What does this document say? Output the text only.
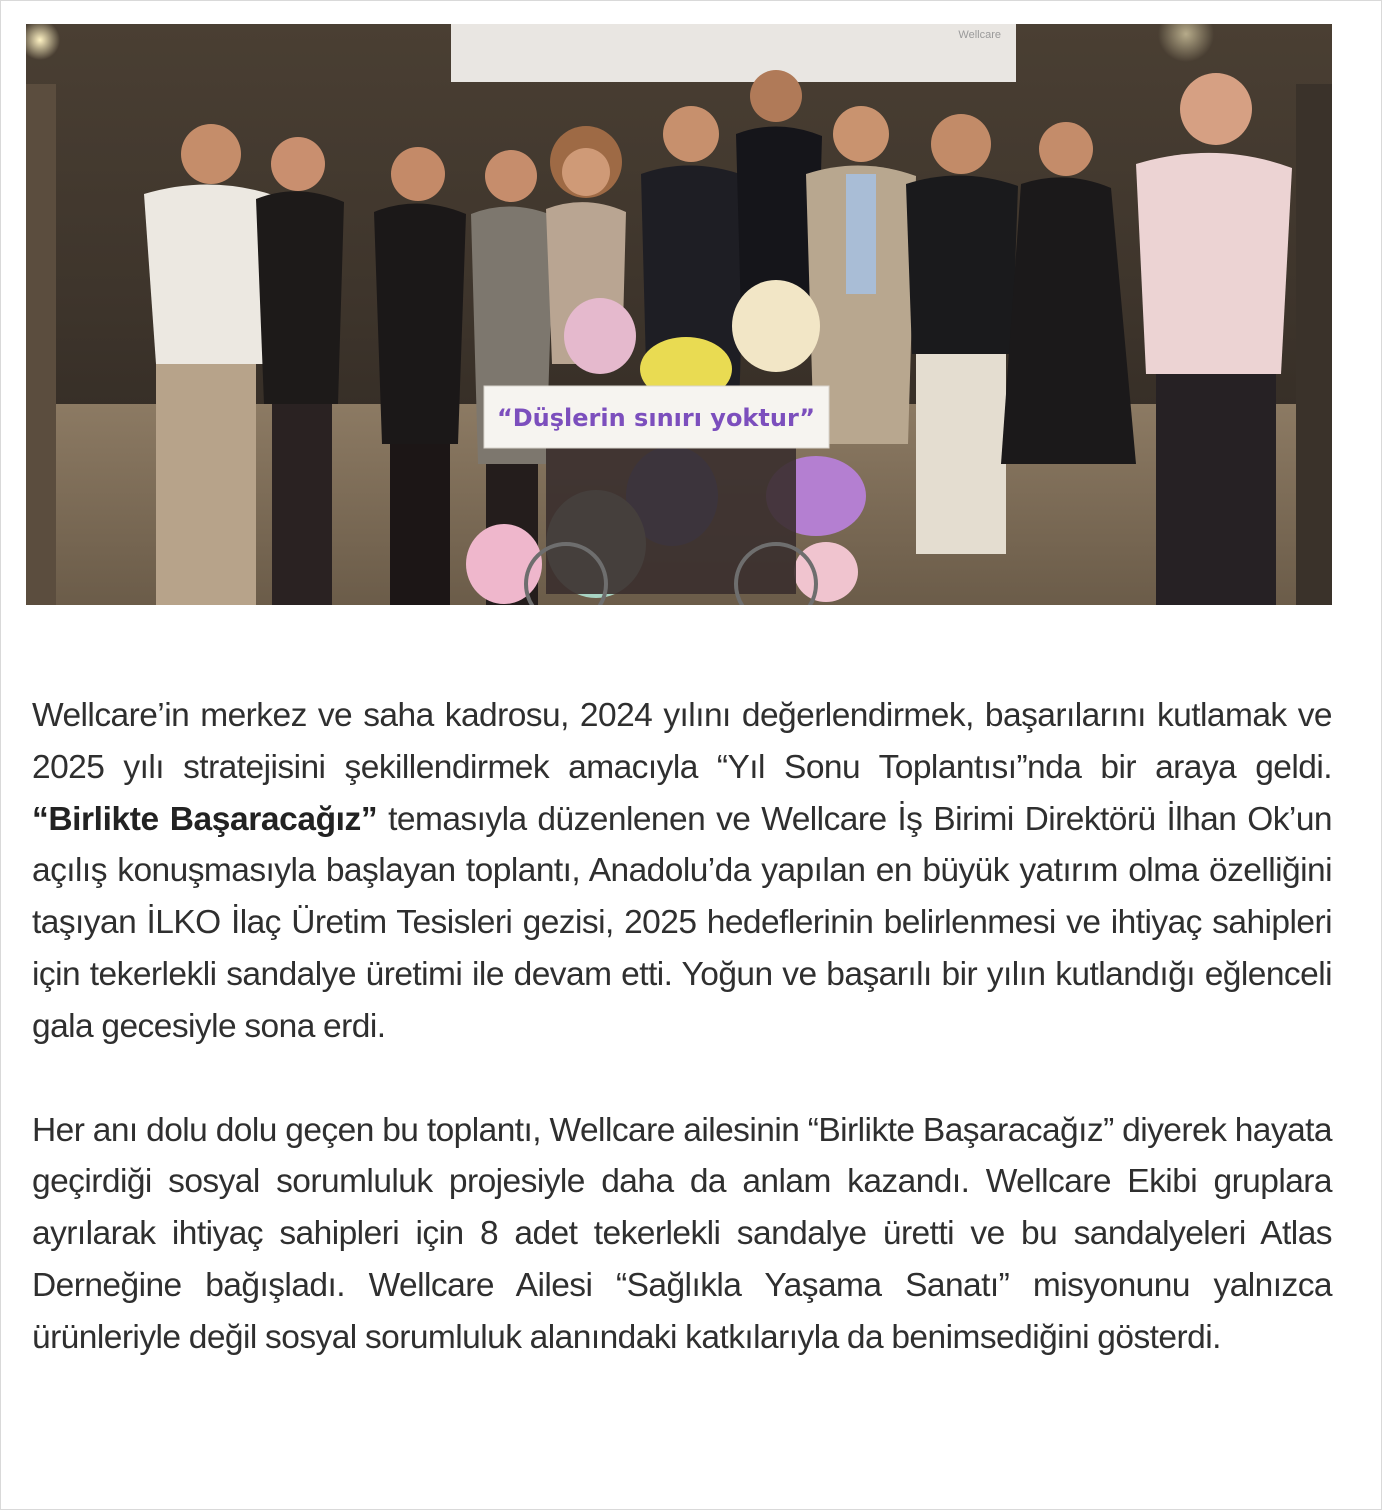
Wellcare
“Düşlerin sınırı yoktur”

Wellcare’in merkez ve saha kadrosu, 2024 yılını değerlendirmek, başarılarını kutlamak ve 2025 yılı stratejisini şekillendirmek amacıyla “Yıl Sonu Toplantısı”nda bir araya geldi. “Birlikte Başaracağız” temasıyla düzenlenen ve Wellcare İş Birimi Direktörü İlhan Ok’un açılış konuşmasıyla başlayan toplantı, Anadolu’da yapılan en büyük yatırım olma özelliğini taşıyan İLKO İlaç Üretim Tesisleri gezisi, 2025 hedeflerinin belirlenmesi ve ihtiyaç sahipleri için tekerlekli sandalye üretimi ile devam etti. Yoğun ve başarılı bir yılın kutlandığı eğlenceli gala gecesiyle sona erdi.

Her anı dolu dolu geçen bu toplantı, Wellcare ailesinin “Birlikte Başaracağız” diyerek hayata geçirdiği sosyal sorumluluk projesiyle daha da anlam kazandı. Wellcare Ekibi gruplara ayrılarak ihtiyaç sahipleri için 8 adet tekerlekli sandalye üretti ve bu sandalyeleri Atlas Derneğine bağışladı. Wellcare Ailesi “Sağlıkla Yaşama Sanatı” misyonunu yalnızca ürünleriyle değil sosyal sorumluluk alanındaki katkılarıyla da benimsediğini gösterdi.
